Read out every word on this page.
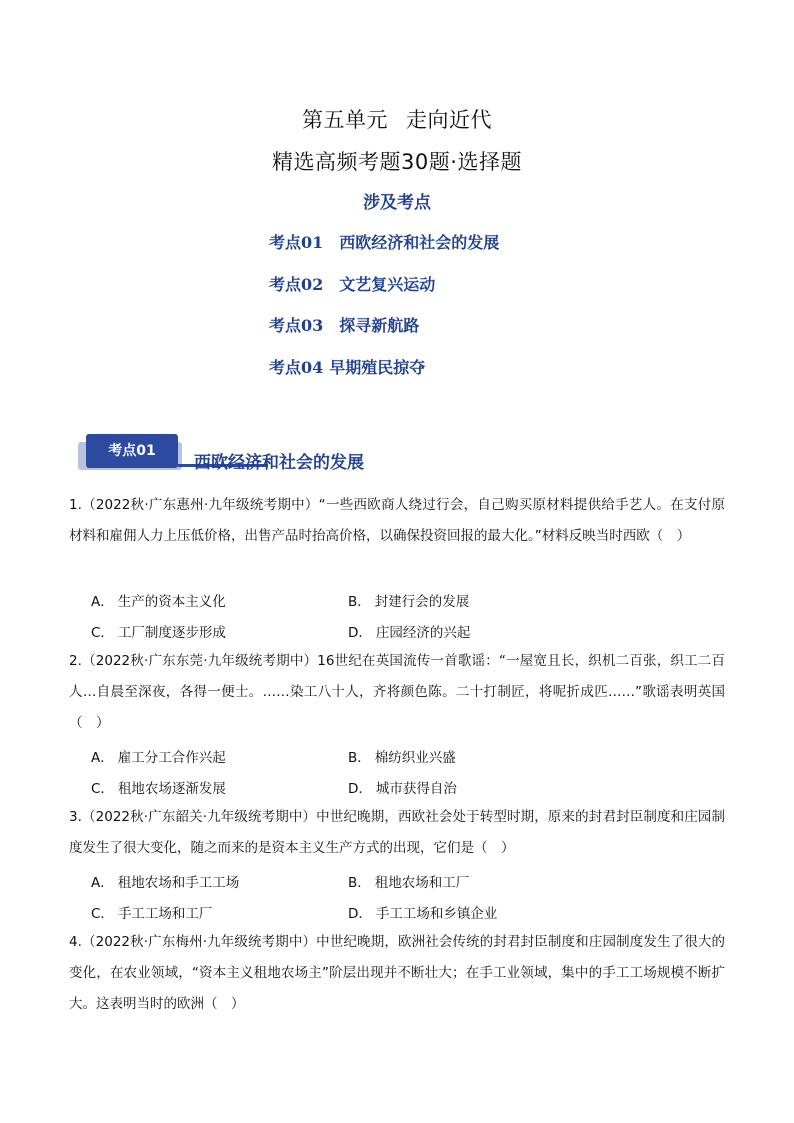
第五单元 走向近代
精选高频考题30题·选择题
涉及考点
考点01 西欧经济和社会的发展
考点02 文艺复兴运动
考点03 探寻新航路
考点04 早期殖民掠夺
考点01
西欧经济和社会的发展
1.（2022秋·广东惠州·九年级统考期中）“一些西欧商人绕过行会，自己购买原材料提供给手艺人。在支付原材料和雇佣人力上压低价格，出售产品时抬高价格，以确保投资回报的最大化。”材料反映当时西欧（　）
A． 生产的资本主义化	B． 封建行会的发展
C． 工厂制度逐步形成	D． 庄园经济的兴起
2.（2022秋·广东东莞·九年级统考期中）16世纪在英国流传一首歌谣：“一屋宽且长，织机二百张，织工二百人…自晨至深夜，各得一便士。……染工八十人，齐将颜色陈。二十打制匠，将呢折成匹……”歌谣表明英国（　）
A． 雇工分工合作兴起	B． 棉纺织业兴盛
C． 租地农场逐渐发展	D． 城市获得自治
3.（2022秋·广东韶关·九年级统考期中）中世纪晚期，西欧社会处于转型时期，原来的封君封臣制度和庄园制度发生了很大变化，随之而来的是资本主义生产方式的出现，它们是（　）
A． 租地农场和手工工场	B． 租地农场和工厂
C． 手工工场和工厂	D． 手工工场和乡镇企业
4.（2022秋·广东梅州·九年级统考期中）中世纪晚期，欧洲社会传统的封君封臣制度和庄园制度发生了很大的变化，在农业领域，“资本主义租地农场主”阶层出现并不断壮大；在手工业领域，集中的手工工场规模不断扩大。这表明当时的欧洲（　）
